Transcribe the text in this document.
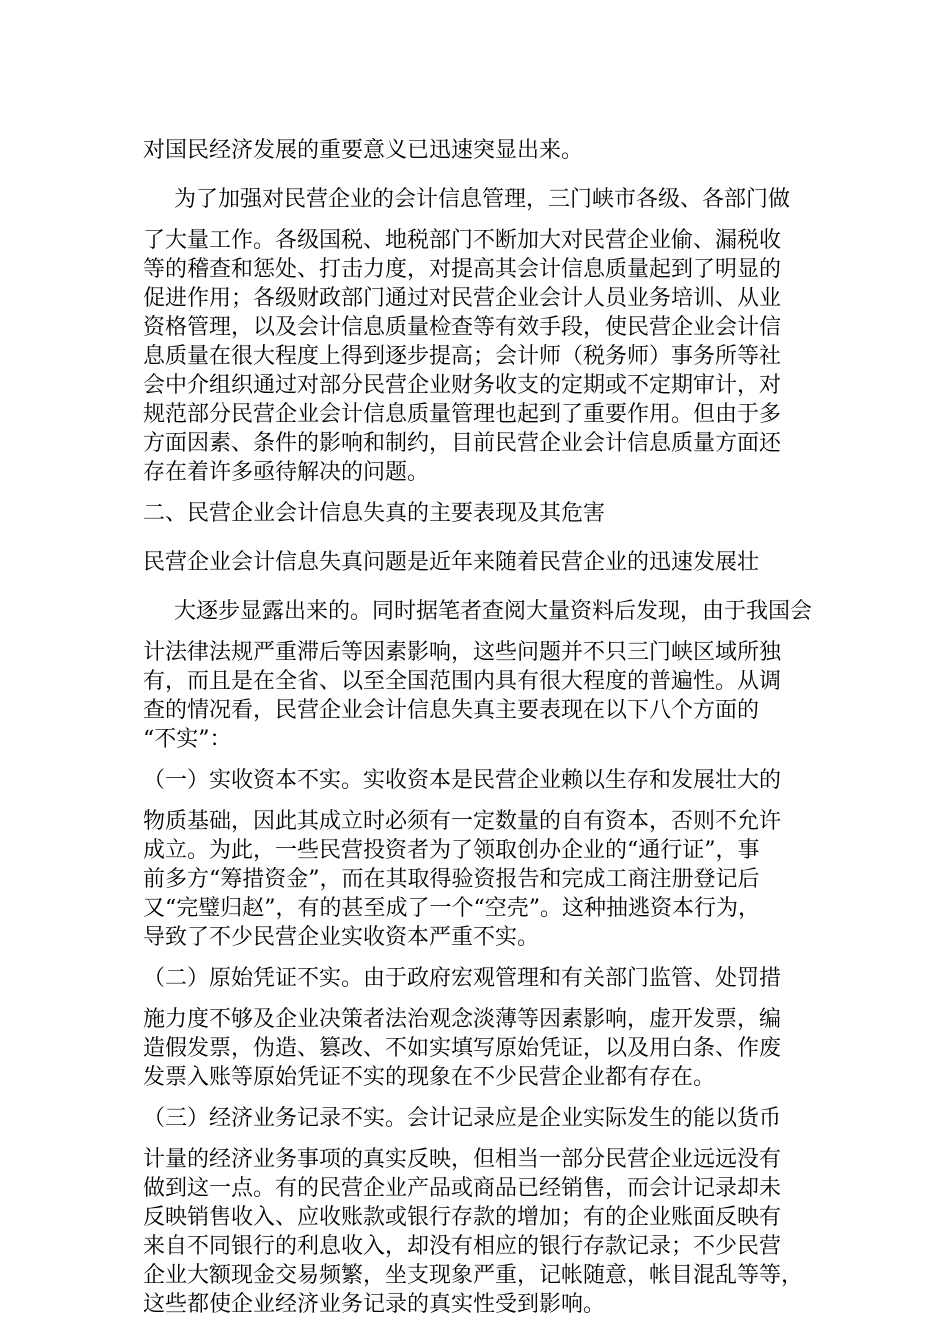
对国民经济发展的重要意义已迅速突显出来。
为了加强对民营企业的会计信息管理，三门峡市各级、各部门做
了大量工作。各级国税、地税部门不断加大对民营企业偷、漏税收
等的稽查和惩处、打击力度，对提高其会计信息质量起到了明显的
促进作用；各级财政部门通过对民营企业会计人员业务培训、从业
资格管理，以及会计信息质量检查等有效手段，使民营企业会计信
息质量在很大程度上得到逐步提高；会计师（税务师）事务所等社
会中介组织通过对部分民营企业财务收支的定期或不定期审计，对
规范部分民营企业会计信息质量管理也起到了重要作用。但由于多
方面因素、条件的影响和制约，目前民营企业会计信息质量方面还
存在着许多亟待解决的问题。
二、民营企业会计信息失真的主要表现及其危害
民营企业会计信息失真问题是近年来随着民营企业的迅速发展壮
大逐步显露出来的。同时据笔者查阅大量资料后发现，由于我国会
计法律法规严重滞后等因素影响，这些问题并不只三门峡区域所独
有，而且是在全省、以至全国范围内具有很大程度的普遍性。从调
查的情况看，民营企业会计信息失真主要表现在以下八个方面的
“不实”：
（一）实收资本不实。实收资本是民营企业赖以生存和发展壮大的
物质基础，因此其成立时必须有一定数量的自有资本，否则不允许
成立。为此，一些民营投资者为了领取创办企业的“通行证”，事
前多方“筹措资金”，而在其取得验资报告和完成工商注册登记后
又“完璧归赵”，有的甚至成了一个“空壳”。这种抽逃资本行为，
导致了不少民营企业实收资本严重不实。
（二）原始凭证不实。由于政府宏观管理和有关部门监管、处罚措
施力度不够及企业决策者法治观念淡薄等因素影响，虚开发票，编
造假发票，伪造、篡改、不如实填写原始凭证，以及用白条、作废
发票入账等原始凭证不实的现象在不少民营企业都有存在。
（三）经济业务记录不实。会计记录应是企业实际发生的能以货币
计量的经济业务事项的真实反映，但相当一部分民营企业远远没有
做到这一点。有的民营企业产品或商品已经销售，而会计记录却未
反映销售收入、应收账款或银行存款的增加；有的企业账面反映有
来自不同银行的利息收入，却没有相应的银行存款记录；不少民营
企业大额现金交易频繁，坐支现象严重，记帐随意，帐目混乱等等，
这些都使企业经济业务记录的真实性受到影响。
